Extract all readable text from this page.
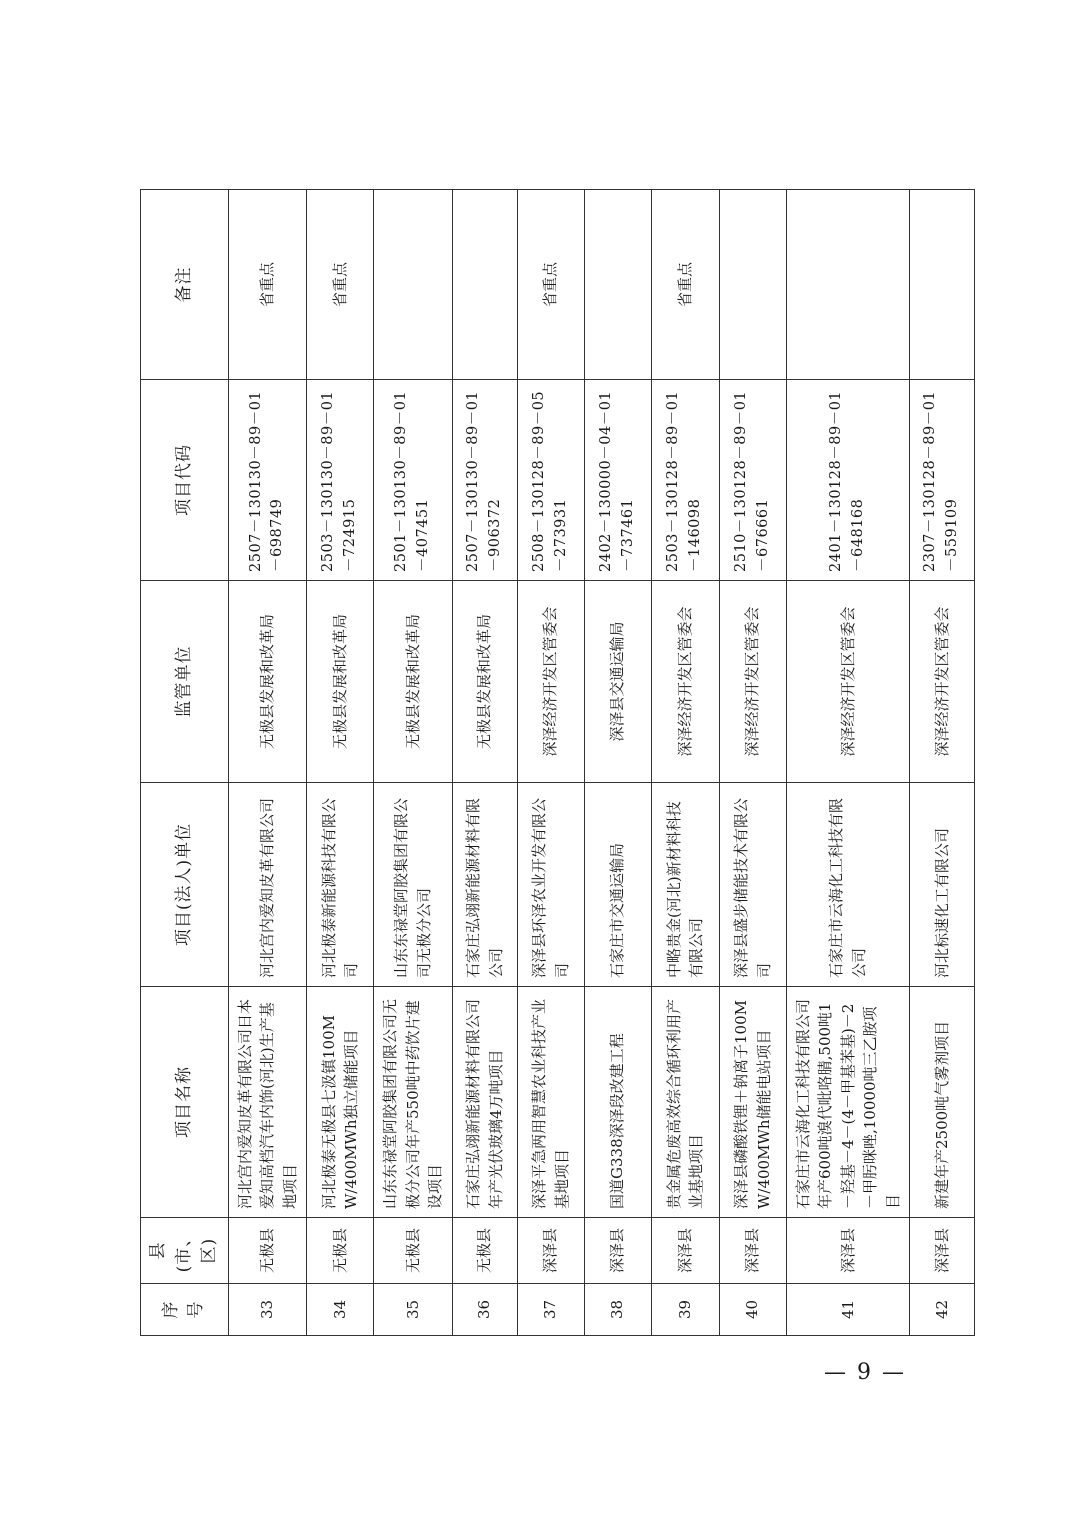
序号	县(市、区)	项目名称	项目(法人)单位	监管单位	项目代码	备注
33	无极县	河北宫内爱知皮革有限公司日本爱知高档汽车内饰(河北)生产基地项目	河北宫内爱知皮革有限公司	无极县发展和改革局	2507－130130－89－01－698749	省重点
34	无极县	河北极泰无极县七汲镇100MW/400MWh独立储能项目	河北极泰新能源科技有限公司	无极县发展和改革局	2503－130130－89－01－724915	省重点
35	无极县	山东东禄堂阿胶集团有限公司无极分公司年产550吨中药饮片建设项目	山东东禄堂阿胶集团有限公司无极分公司	无极县发展和改革局	2501－130130－89－01－407451	
36	无极县	石家庄弘翊新能源材料有限公司年产光伏玻璃4万吨项目	石家庄弘翊新能源材料有限公司	无极县发展和改革局	2507－130130－89－01－906372	
37	深泽县	深泽平急两用智慧农业科技产业基地项目	深泽县环泽农业开发有限公司	深泽经济开发区管委会	2508－130128－89－05－273931	省重点
38	深泽县	国道G338深泽段改建工程	石家庄市交通运输局	深泽县交通运输局	2402－130000－04－01－737461	
39	深泽县	贵金属危废高效综合循环利用产业基地项目	中略贵金(河北)新材料科技有限公司	深泽经济开发区管委会	2503－130128－89－01－146098	省重点
40	深泽县	深泽县磷酸铁锂＋钠离子100MW/400MWh储能电站项目	深泽县盛步储能技术有限公司	深泽经济开发区管委会	2510－130128－89－01－676661	
41	深泽县	石家庄市云海化工科技有限公司年产600吨溴代吡咯腈,500吨1－羟基－4－(4－甲基苯基)－2－甲肟咪唑,10000吨三乙胺项目	石家庄市云海化工科技有限公司	深泽经济开发区管委会	2401－130128－89－01－648168	
42	深泽县	新建年产2500吨气雾剂项目	河北标速化工有限公司	深泽经济开发区管委会	2307－130128－89－01－559109	
— 9 —
